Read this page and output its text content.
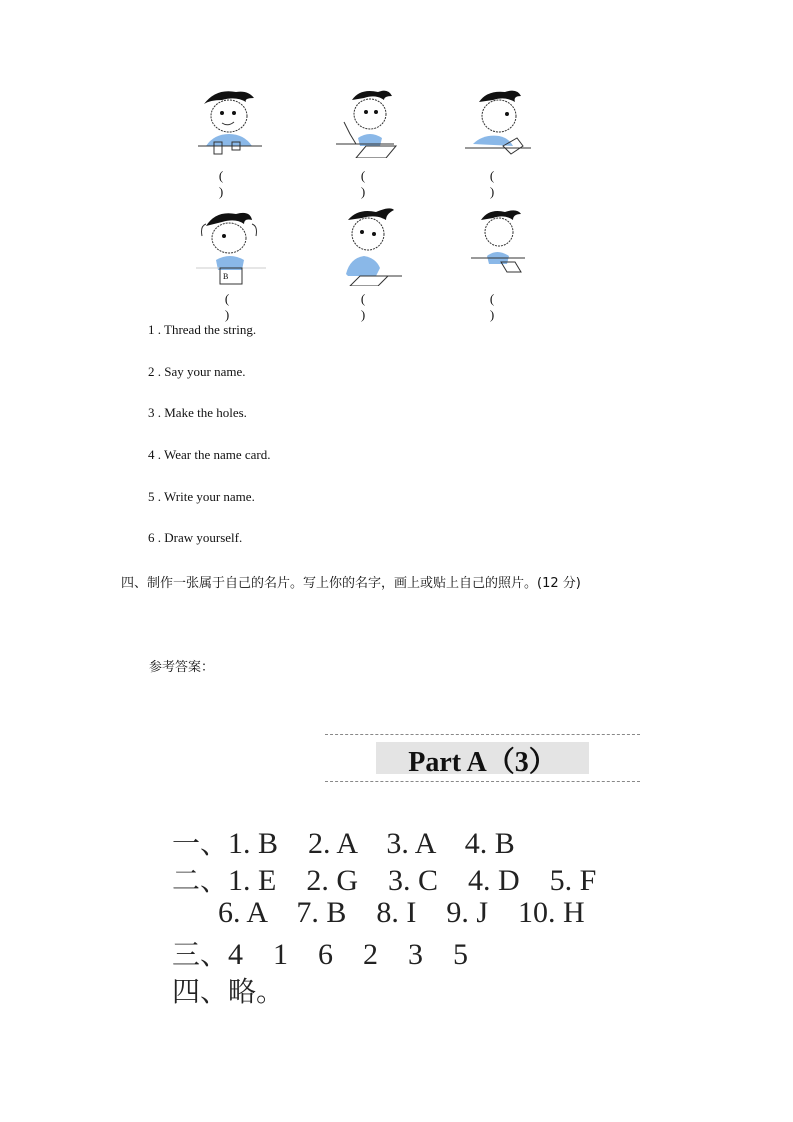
( )
( )
( )
B
( )
( )
( )
1 . Thread the string.
2 . Say your name.
3 . Make the holes.
4 . Wear the name card.
5 . Write your name.
6 . Draw yourself.
四、制作一张属于自己的名片。写上你的名字，画上或贴上自己的照片。(12 分)
参考答案：
Part A（3）
一、1. B    2. A    3. A    4. B
二、1. E    2. G    3. C    4. D    5. F
6. A    7. B    8. I    9. J    10. H
三、4    1    6    2    3    5
四、略。
